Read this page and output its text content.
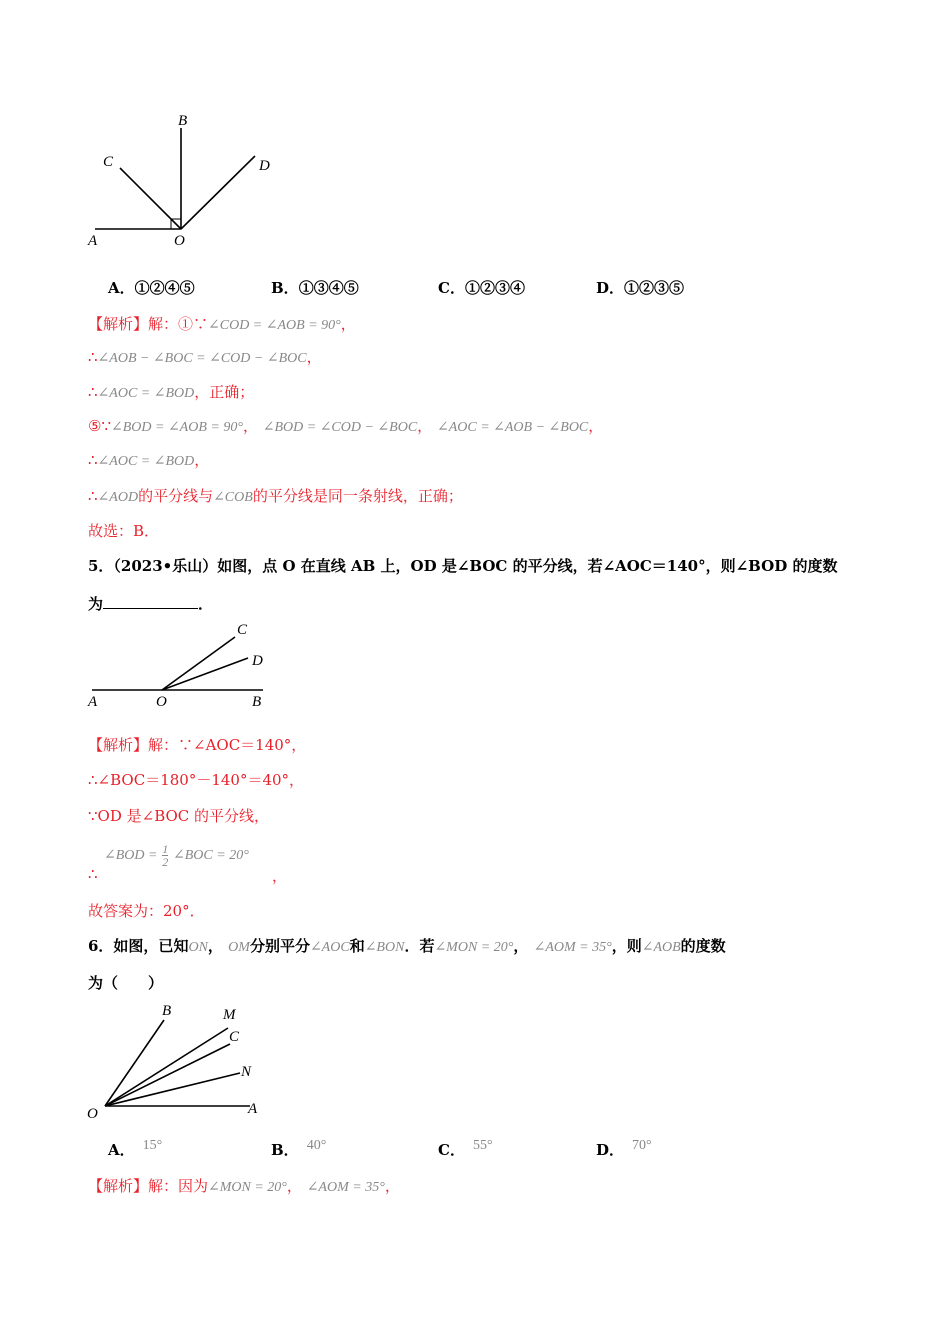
A
B
C	D
O
A．①②④⑤	B．①③④⑤	C．①②③④	D．①②③⑤
【解析】解：①∵∠COD = ∠AOB = 90°，
∴∠AOB − ∠BOC = ∠COD − ∠BOC，
∴∠AOC = ∠BOD，正确；
⑤∵∠BOD = ∠AOB = 90°， ∠BOD = ∠COD − ∠BOC， ∠AOC = ∠AOB − ∠BOC，
∴∠AOC = ∠BOD，
∴∠AOD的平分线与∠COB的平分线是同一条射线，正确；
故选：B．
5．（2023•乐山）如图，点 O 在直线 AB 上，OD 是∠BOC 的平分线，若∠AOC＝140°，则∠BOD 的度数
为	．
A	O	B
C
D
【解析】解：∵∠AOC＝140°，
∴∠BOC＝180°－140°＝40°，
∵OD 是∠BOC 的平分线，
∴
∠BOD = $\frac{1}{2}$ ∠BOC = 20°
，
故答案为：20°．
6．如图，已知ON， OM分别平分∠AOC和∠BON．若∠MON = 20°， ∠AOM = 35°，则∠AOB的度数
为（　　）
B	M
C
N
O	A
A． 15°	B． 40°	C． 55°	D． 70°
【解析】解：因为∠MON = 20°， ∠AOM = 35°，
